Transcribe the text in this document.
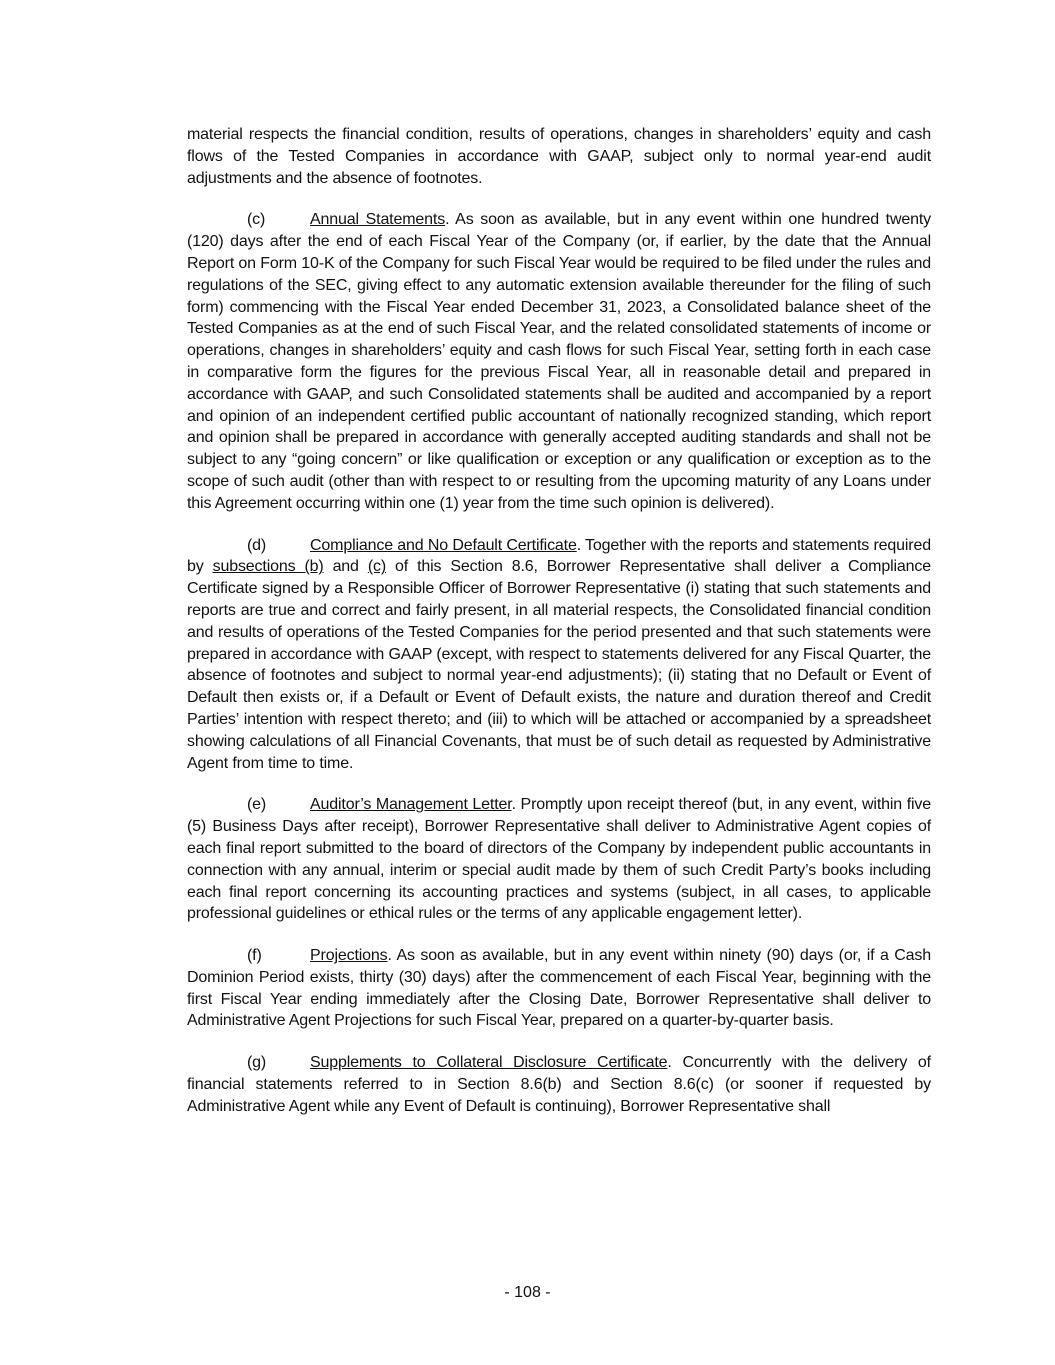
material respects the financial condition, results of operations, changes in shareholders’ equity and cash flows of the Tested Companies in accordance with GAAP, subject only to normal year-end audit adjustments and the absence of footnotes.

(c)	Annual Statements. As soon as available, but in any event within one hundred twenty (120) days after the end of each Fiscal Year of the Company (or, if earlier, by the date that the Annual Report on Form 10-K of the Company for such Fiscal Year would be required to be filed under the rules and regulations of the SEC, giving effect to any automatic extension available thereunder for the filing of such form) commencing with the Fiscal Year ended December 31, 2023, a Consolidated balance sheet of the Tested Companies as at the end of such Fiscal Year, and the related consolidated statements of income or operations, changes in shareholders’ equity and cash flows for such Fiscal Year, setting forth in each case in comparative form the figures for the previous Fiscal Year, all in reasonable detail and prepared in accordance with GAAP, and such Consolidated statements shall be audited and accompanied by a report and opinion of an independent certified public accountant of nationally recognized standing, which report and opinion shall be prepared in accordance with generally accepted auditing standards and shall not be subject to any “going concern” or like qualification or exception or any qualification or exception as to the scope of such audit (other than with respect to or resulting from the upcoming maturity of any Loans under this Agreement occurring within one (1) year from the time such opinion is delivered).

(d)	Compliance and No Default Certificate. Together with the reports and statements required by subsections (b) and (c) of this Section 8.6, Borrower Representative shall deliver a Compliance Certificate signed by a Responsible Officer of Borrower Representative (i) stating that such statements and reports are true and correct and fairly present, in all material respects, the Consolidated financial condition and results of operations of the Tested Companies for the period presented and that such statements were prepared in accordance with GAAP (except, with respect to statements delivered for any Fiscal Quarter, the absence of footnotes and subject to normal year-end adjustments); (ii) stating that no Default or Event of Default then exists or, if a Default or Event of Default exists, the nature and duration thereof and Credit Parties’ intention with respect thereto; and (iii) to which will be attached or accompanied by a spreadsheet showing calculations of all Financial Covenants, that must be of such detail as requested by Administrative Agent from time to time.

(e)	Auditor’s Management Letter. Promptly upon receipt thereof (but, in any event, within five (5) Business Days after receipt), Borrower Representative shall deliver to Administrative Agent copies of each final report submitted to the board of directors of the Company by independent public accountants in connection with any annual, interim or special audit made by them of such Credit Party’s books including each final report concerning its accounting practices and systems (subject, in all cases, to applicable professional guidelines or ethical rules or the terms of any applicable engagement letter).

(f)	Projections. As soon as available, but in any event within ninety (90) days (or, if a Cash Dominion Period exists, thirty (30) days) after the commencement of each Fiscal Year, beginning with the first Fiscal Year ending immediately after the Closing Date, Borrower Representative shall deliver to Administrative Agent Projections for such Fiscal Year, prepared on a quarter-by-quarter basis.

(g)	Supplements to Collateral Disclosure Certificate. Concurrently with the delivery of financial statements referred to in Section 8.6(b) and Section 8.6(c) (or sooner if requested by Administrative Agent while any Event of Default is continuing), Borrower Representative shall

- 108 -
